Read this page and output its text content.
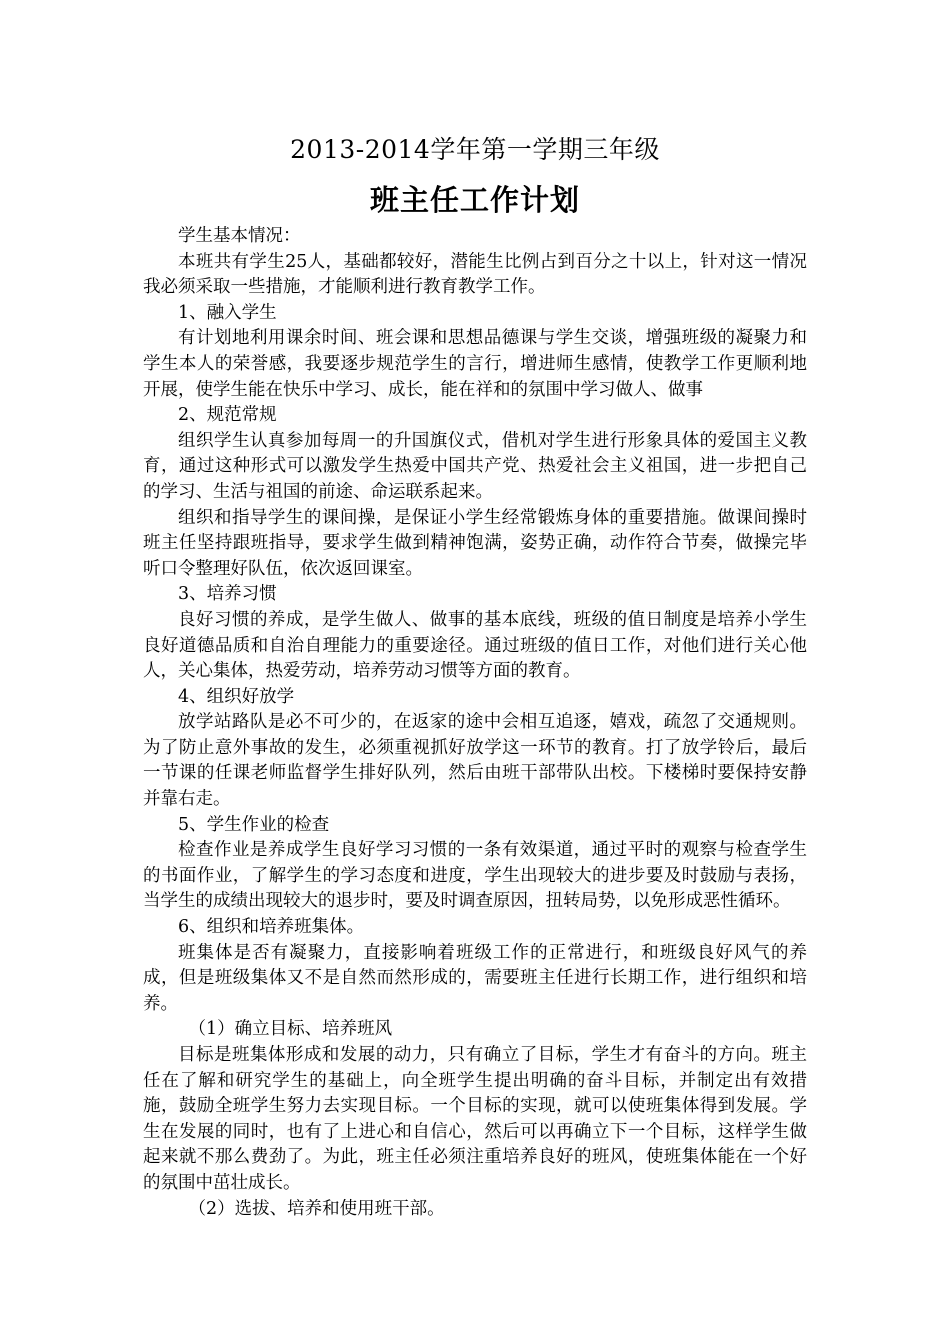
2013-2014学年第一学期三年级
班主任工作计划

学生基本情况：

本班共有学生25人，基础都较好，潜能生比例占到百分之十以上，针对这一情况我必须采取一些措施，才能顺利进行教育教学工作。

1、融入学生

有计划地利用课余时间、班会课和思想品德课与学生交谈，增强班级的凝聚力和学生本人的荣誉感，我要逐步规范学生的言行，增进师生感情，使教学工作更顺利地开展，使学生能在快乐中学习、成长，能在祥和的氛围中学习做人、做事

2、规范常规

组织学生认真参加每周一的升国旗仪式，借机对学生进行形象具体的爱国主义教育，通过这种形式可以激发学生热爱中国共产党、热爱社会主义祖国，进一步把自己的学习、生活与祖国的前途、命运联系起来。

组织和指导学生的课间操，是保证小学生经常锻炼身体的重要措施。做课间操时班主任坚持跟班指导，要求学生做到精神饱满，姿势正确，动作符合节奏，做操完毕听口令整理好队伍，依次返回课室。

3、培养习惯

良好习惯的养成，是学生做人、做事的基本底线，班级的值日制度是培养小学生良好道德品质和自治自理能力的重要途径。通过班级的值日工作，对他们进行关心他人，关心集体，热爱劳动，培养劳动习惯等方面的教育。

4、组织好放学

放学站路队是必不可少的，在返家的途中会相互追逐，嬉戏，疏忽了交通规则。为了防止意外事故的发生，必须重视抓好放学这一环节的教育。打了放学铃后，最后一节课的任课老师监督学生排好队列，然后由班干部带队出校。下楼梯时要保持安静并靠右走。

5、学生作业的检查

检查作业是养成学生良好学习习惯的一条有效渠道，通过平时的观察与检查学生的书面作业，了解学生的学习态度和进度，学生出现较大的进步要及时鼓励与表扬，当学生的成绩出现较大的退步时，要及时调查原因，扭转局势，以免形成恶性循环。

6、组织和培养班集体。

班集体是否有凝聚力，直接影响着班级工作的正常进行，和班级良好风气的养成，但是班级集体又不是自然而然形成的，需要班主任进行长期工作，进行组织和培养。

（1）确立目标、培养班风

目标是班集体形成和发展的动力，只有确立了目标，学生才有奋斗的方向。班主任在了解和研究学生的基础上，向全班学生提出明确的奋斗目标，并制定出有效措施，鼓励全班学生努力去实现目标。一个目标的实现，就可以使班集体得到发展。学生在发展的同时，也有了上进心和自信心，然后可以再确立下一个目标，这样学生做起来就不那么费劲了。为此，班主任必须注重培养良好的班风，使班集体能在一个好的氛围中茁壮成长。

（2）选拔、培养和使用班干部。
